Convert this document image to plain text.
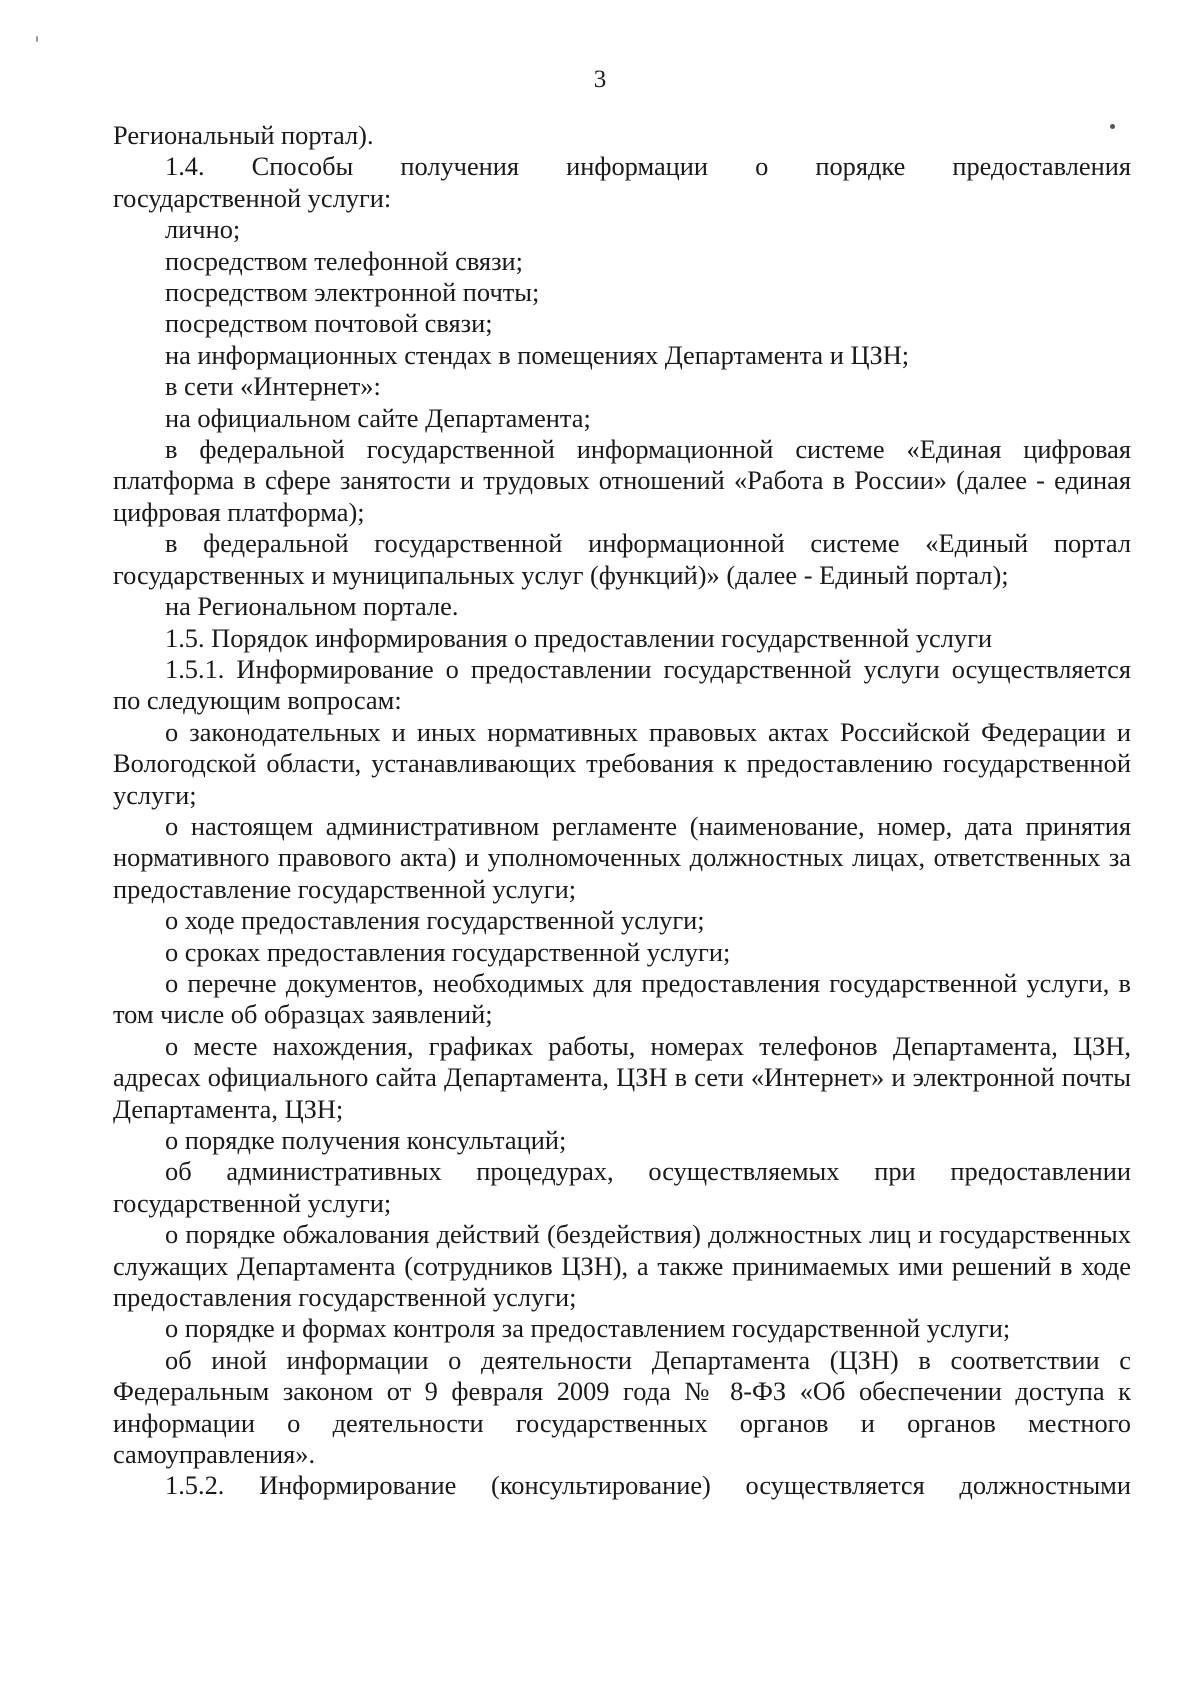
3

Региональный портал).

1.4. Способы получения информации о порядке предоставления

государственной услуги:

лично;

посредством телефонной связи;

посредством электронной почты;

посредством почтовой связи;

на информационных стендах в помещениях Департамента и ЦЗН;

в сети «Интернет»:

на официальном сайте Департамента;

в федеральной государственной информационной системе «Единая цифровая платформа в сфере занятости и трудовых отношений «Работа в России» (далее - единая цифровая платформа);

в федеральной государственной информационной системе «Единый портал государственных и муниципальных услуг (функций)» (далее - Единый портал);

на Региональном портале.

1.5. Порядок информирования о предоставлении государственной услуги

1.5.1. Информирование о предоставлении государственной услуги осуществляется по следующим вопросам:

о законодательных и иных нормативных правовых актах Российской Федерации и Вологодской области, устанавливающих требования к предоставлению государственной услуги;

о настоящем административном регламенте (наименование, номер, дата принятия нормативного правового акта) и уполномоченных должностных лицах, ответственных за предоставление государственной услуги;

о ходе предоставления государственной услуги;

о сроках предоставления государственной услуги;

о перечне документов, необходимых для предоставления государственной услуги, в том числе об образцах заявлений;

о месте нахождения, графиках работы, номерах телефонов Департамента, ЦЗН, адресах официального сайта Департамента, ЦЗН в сети «Интернет» и электронной почты Департамента, ЦЗН;

о порядке получения консультаций;

об административных процедурах, осуществляемых при предоставлении государственной услуги;

о порядке обжалования действий (бездействия) должностных лиц и государственных служащих Департамента (сотрудников ЦЗН), а также принимаемых ими решений в ходе предоставления государственной услуги;

о порядке и формах контроля за предоставлением государственной услуги;

об иной информации о деятельности Департамента (ЦЗН) в соответствии с Федеральным законом от 9 февраля 2009 года № 8-ФЗ «Об обеспечении доступа к информации о деятельности государственных органов и органов местного самоуправления».

1.5.2. Информирование (консультирование) осуществляется должностными
